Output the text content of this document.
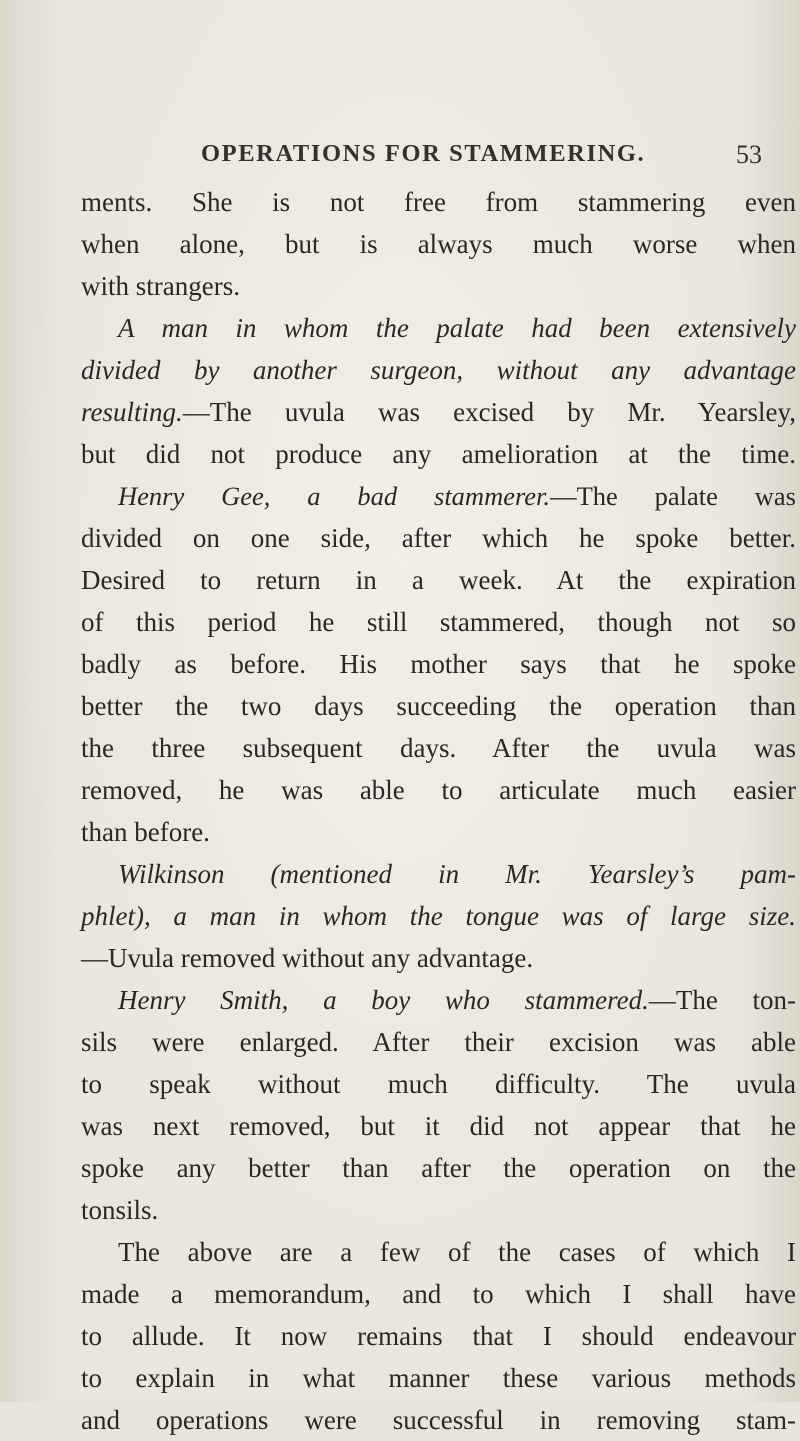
OPERATIONS FOR STAMMERING.	53
ments. She is not free from stammering even
when alone, but is always much worse when
with strangers.
A man in whom the palate had been extensively
divided by another surgeon, without any advantage
resulting.—The uvula was excised by Mr. Yearsley,
but did not produce any amelioration at the time.
Henry Gee, a bad stammerer.—The palate was
divided on one side, after which he spoke better.
Desired to return in a week. At the expiration
of this period he still stammered, though not so
badly as before. His mother says that he spoke
better the two days succeeding the operation than
the three subsequent days. After the uvula was
removed, he was able to articulate much easier
than before.
Wilkinson (mentioned in Mr. Yearsley’s pam-
phlet), a man in whom the tongue was of large size.
—Uvula removed without any advantage.
Henry Smith, a boy who stammered.—The ton-
sils were enlarged. After their excision was able
to speak without much difficulty. The uvula
was next removed, but it did not appear that he
spoke any better than after the operation on the
tonsils.
The above are a few of the cases of which I
made a memorandum, and to which I shall have
to allude. It now remains that I should endeavour
to explain in what manner these various methods
and operations were successful in removing stam-
